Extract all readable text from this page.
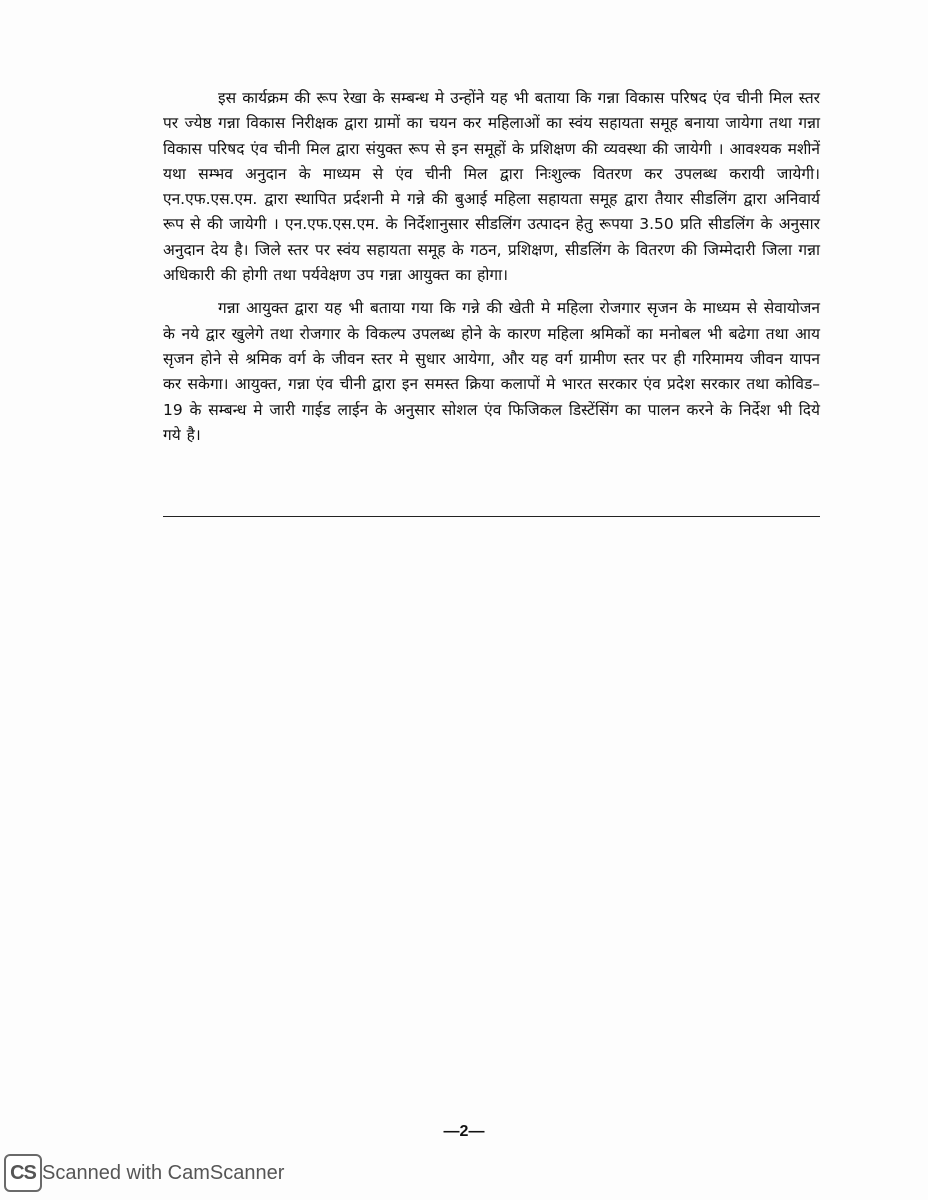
इस कार्यक्रम की रूप रेखा के सम्बन्ध मे उन्होंने यह भी बताया कि गन्ना विकास परिषद एंव चीनी मिल स्तर पर ज्येष्ठ गन्ना विकास निरीक्षक द्वारा ग्रामों का चयन कर महिलाओं का स्वंय सहायता समूह बनाया जायेगा तथा गन्ना विकास परिषद एंव चीनी मिल द्वारा संयुक्त रूप से इन समूहों के प्रशिक्षण की व्यवस्था की जायेगी । आवश्यक मशीनें यथा सम्भव अनुदान के माध्यम से एंव चीनी मिल द्वारा निःशुल्क वितरण कर उपलब्ध करायी जायेगी। एन.एफ.एस.एम. द्वारा स्थापित प्रर्दशनी मे गन्ने की बुआई महिला सहायता समूह द्वारा तैयार सीडलिंग द्वारा अनिवार्य रूप से की जायेगी । एन.एफ.एस.एम. के निर्देशानुसार सीडलिंग उत्पादन हेतु रूपया 3.50 प्रति सीडलिंग के अनुसार अनुदान देय है। जिले स्तर पर स्वंय सहायता समूह के गठन, प्रशिक्षण, सीडलिंग के वितरण की जिम्मेदारी जिला गन्ना अधिकारी की होगी तथा पर्यवेक्षण उप गन्ना आयुक्त का होगा।

गन्ना आयुक्त द्वारा यह भी बताया गया कि गन्ने की खेती मे महिला रोजगार सृजन के माध्यम से सेवायोजन के नये द्वार खुलेगे तथा रोजगार के विकल्प उपलब्ध होने के कारण महिला श्रमिकों का मनोबल भी बढेगा तथा आय सृजन होने से श्रमिक वर्ग के जीवन स्तर मे सुधार आयेगा, और यह वर्ग ग्रामीण स्तर पर ही गरिमामय जीवन यापन कर सकेगा। आयुक्त, गन्ना एंव चीनी द्वारा इन समस्त क्रिया कलापों मे भारत सरकार एंव प्रदेश सरकार तथा कोविड–19 के सम्बन्ध मे जारी गाईड लाईन के अनुसार सोशल एंव फिजिकल डिस्टेंसिंग का पालन करने के निर्देश भी दिये गये है।

—2—
CS Scanned with CamScanner
